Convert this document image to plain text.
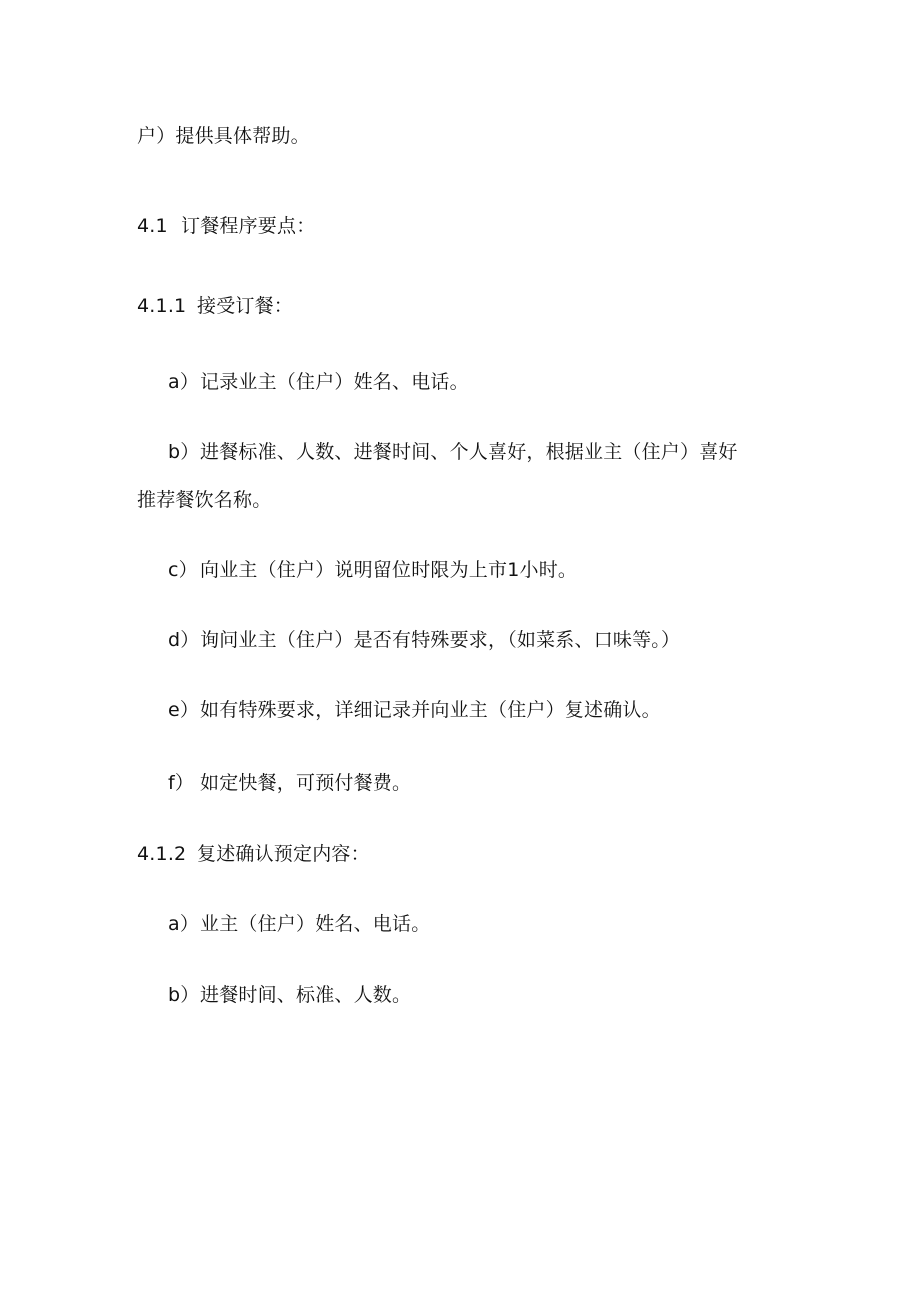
户）提供具体帮助。
4.1 订餐程序要点：
4.1.1 接受订餐：
a）记录业主（住户）姓名、电话。
b）进餐标准、人数、进餐时间、个人喜好，根据业主（住户）喜好
推荐餐饮名称。
c） 向业主（住户）说明留位时限为上市1小时。
d）询问业主（住户）是否有特殊要求，（如菜系、口味等。）
e）如有特殊要求，详细记录并向业主（住户）复述确认。
f） 如定快餐，可预付餐费。
4.1.2 复述确认预定内容：
a）业主（住户）姓名、电话。
b）进餐时间、标准、人数。
